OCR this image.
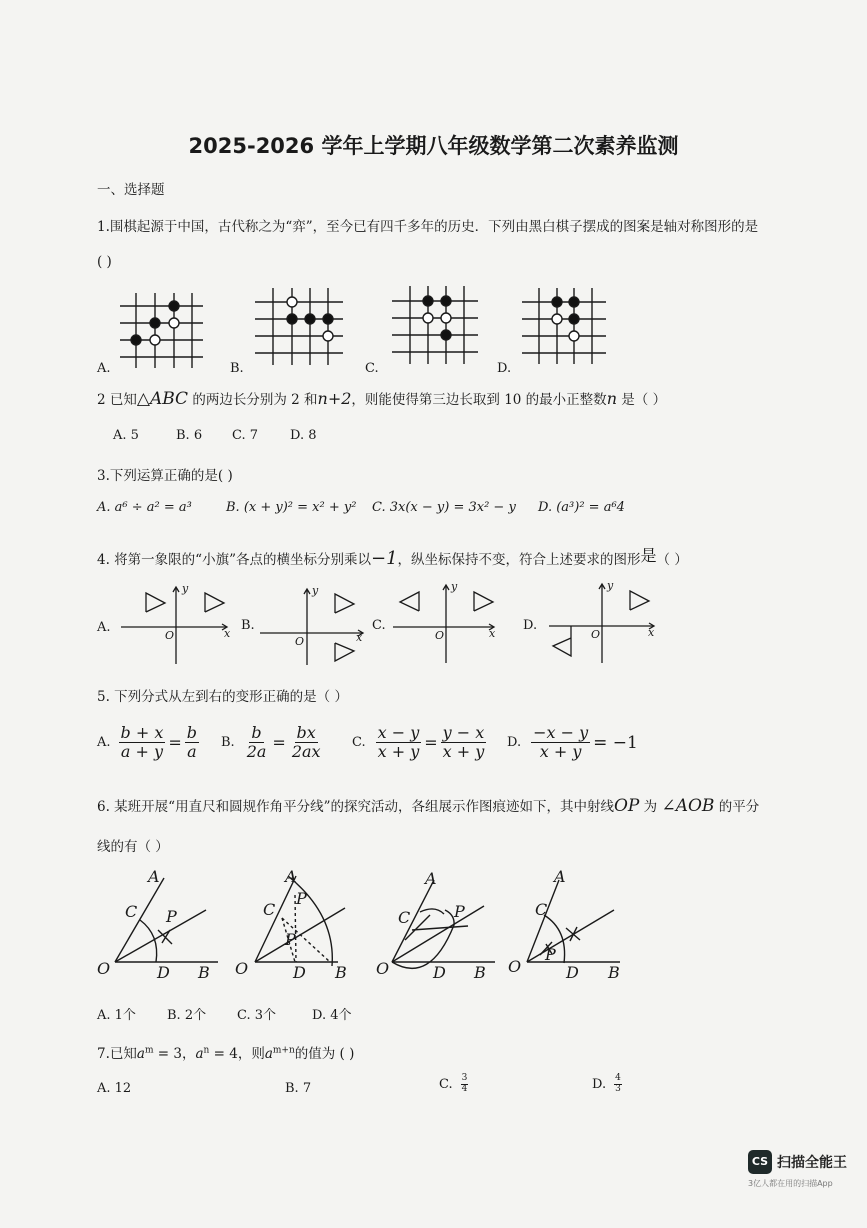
2025-2026 学年上学期八年级数学第二次素养监测
一、选择题
1.围棋起源于中国，古代称之为“弈”，至今已有四千多年的历史．下列由黑白棋子摆成的图案是轴对称图形的是
( )
A.	B.	C.	D.
2 已知△ABC 的两边长分别为 2 和n+2，则能使得第三边长取到 10 的最小正整数n 是（ ）
A. 5	B. 6 C. 7 D. 8
3.下列运算正确的是( )
A. a⁶ ÷ a² = a³	B. (x + y)² = x² + y² C. 3x(x − y) = 3x² − y D. (a³)² = a⁶4
4. 将第一象限的“小旗”各点的横坐标分别乘以−1，纵坐标保持不变，符合上述要求的图形是（ ）
y
x
O
y
x
O
y
x
O
y
x
O
A.	B.	C.	D.
5. 下列分式从左到右的变形正确的是（ ）
A. $\frac{b + x}{a + y} = \frac{b}{a} B$. $\frac{b}{2a} = \frac{bx}{2ax} C$. $\frac{x - y}{x + y} = \frac{y - x}{x + y} D$. $\frac{-x - y}{x + y} = -1$
6. 某班开展“用直尺和圆规作角平分线”的探究活动，各组展示作图痕迹如下，其中射线OP 为 ∠AOB 的平分
线的有（ ）
A
C P
O	D B
A
C
P
P
O	D B
A
C	P
O	D B
A
C
P
O	D B
A. 1个 B. 2个 C. 3个	D. 4个
7.已知$a^m = 3$，$a^n = 4$，则$a^{m+n}$的值为 ( )
A. 12	B. 7	C. 3
4	D. 4
3
CS 扫描全能王
3亿人都在用的扫描App
